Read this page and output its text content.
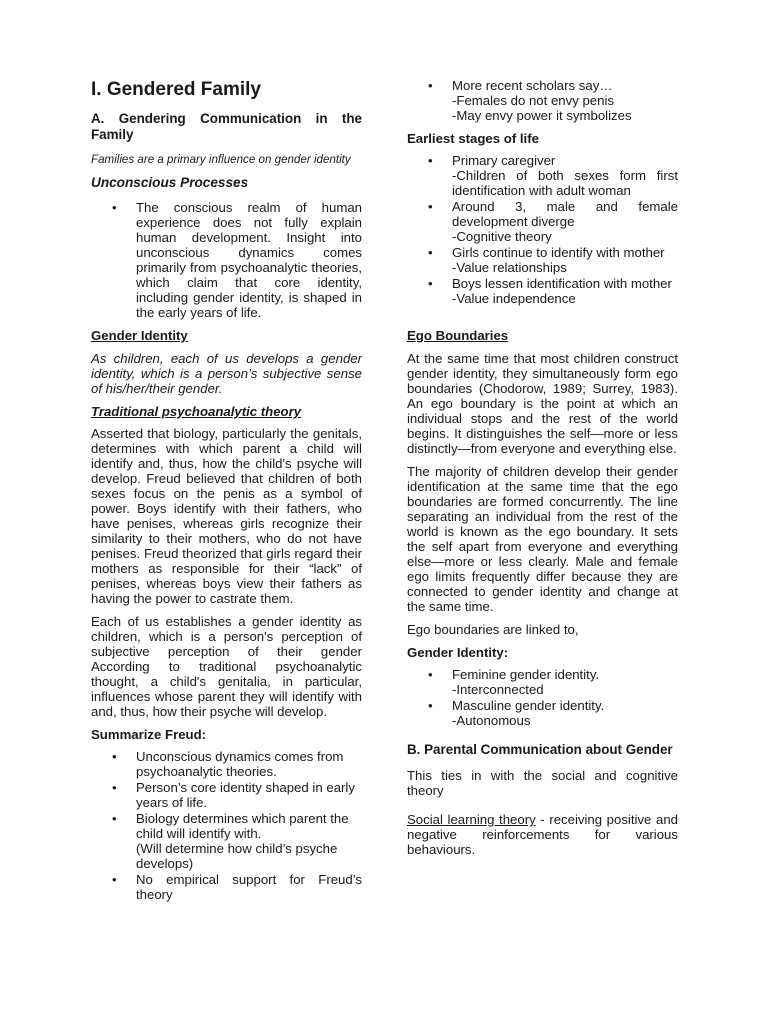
I. Gendered Family
A. Gendering Communication in the Family

Families are a primary influence on gender identity

Unconscious Processes
• The conscious realm of human experience does not fully explain human development. Insight into unconscious dynamics comes primarily from psychoanalytic theories, which claim that core identity, including gender identity, is shaped in the early years of life.
Gender Identity

As children, each of us develops a gender identity, which is a person’s subjective sense of his/her/their gender.

Traditional psychoanalytic theory

Asserted that biology, particularly the genitals, determines with which parent a child will identify and, thus, how the child's psyche will develop. Freud believed that children of both sexes focus on the penis as a symbol of power. Boys identify with their fathers, who have penises, whereas girls recognize their similarity to their mothers, who do not have penises. Freud theorized that girls regard their mothers as responsible for their “lack” of penises, whereas boys view their fathers as having the power to castrate them.

Each of us establishes a gender identity as children, which is a person's perception of subjective perception of their gender According to traditional psychoanalytic thought, a child's genitalia, in particular, influences whose parent they will identify with and, thus, how their psyche will develop.

Summarize Freud:
• Unconscious dynamics comes from psychoanalytic theories.
• Person’s core identity shaped in early years of life.
• Biology determines which parent the child will identify with.
(Will determine how child’s psyche develops)
• No empirical support for Freud’s theory
• More recent scholars say…
-Females do not envy penis
-May envy power it symbolizes
Earliest stages of life
• Primary caregiver
-Children of both sexes form first identification with adult woman
• Around 3, male and female development diverge
-Cognitive theory
• Girls continue to identify with mother
-Value relationships
• Boys lessen identification with mother
-Value independence
Ego Boundaries

At the same time that most children construct gender identity, they simultaneously form ego boundaries (Chodorow, 1989; Surrey, 1983). An ego boundary is the point at which an individual stops and the rest of the world begins. It distinguishes the self—more or less distinctly—from everyone and everything else.

The majority of children develop their gender identification at the same time that the ego boundaries are formed concurrently. The line separating an individual from the rest of the world is known as the ego boundary. It sets the self apart from everyone and everything else—more or less clearly. Male and female ego limits frequently differ because they are connected to gender identity and change at the same time.

Ego boundaries are linked to,

Gender Identity:
• Feminine gender identity.
-Interconnected
• Masculine gender identity.
-Autonomous
B. Parental Communication about Gender

This ties in with the social and cognitive theory

Social learning theory - receiving positive and negative reinforcements for various behaviours.
